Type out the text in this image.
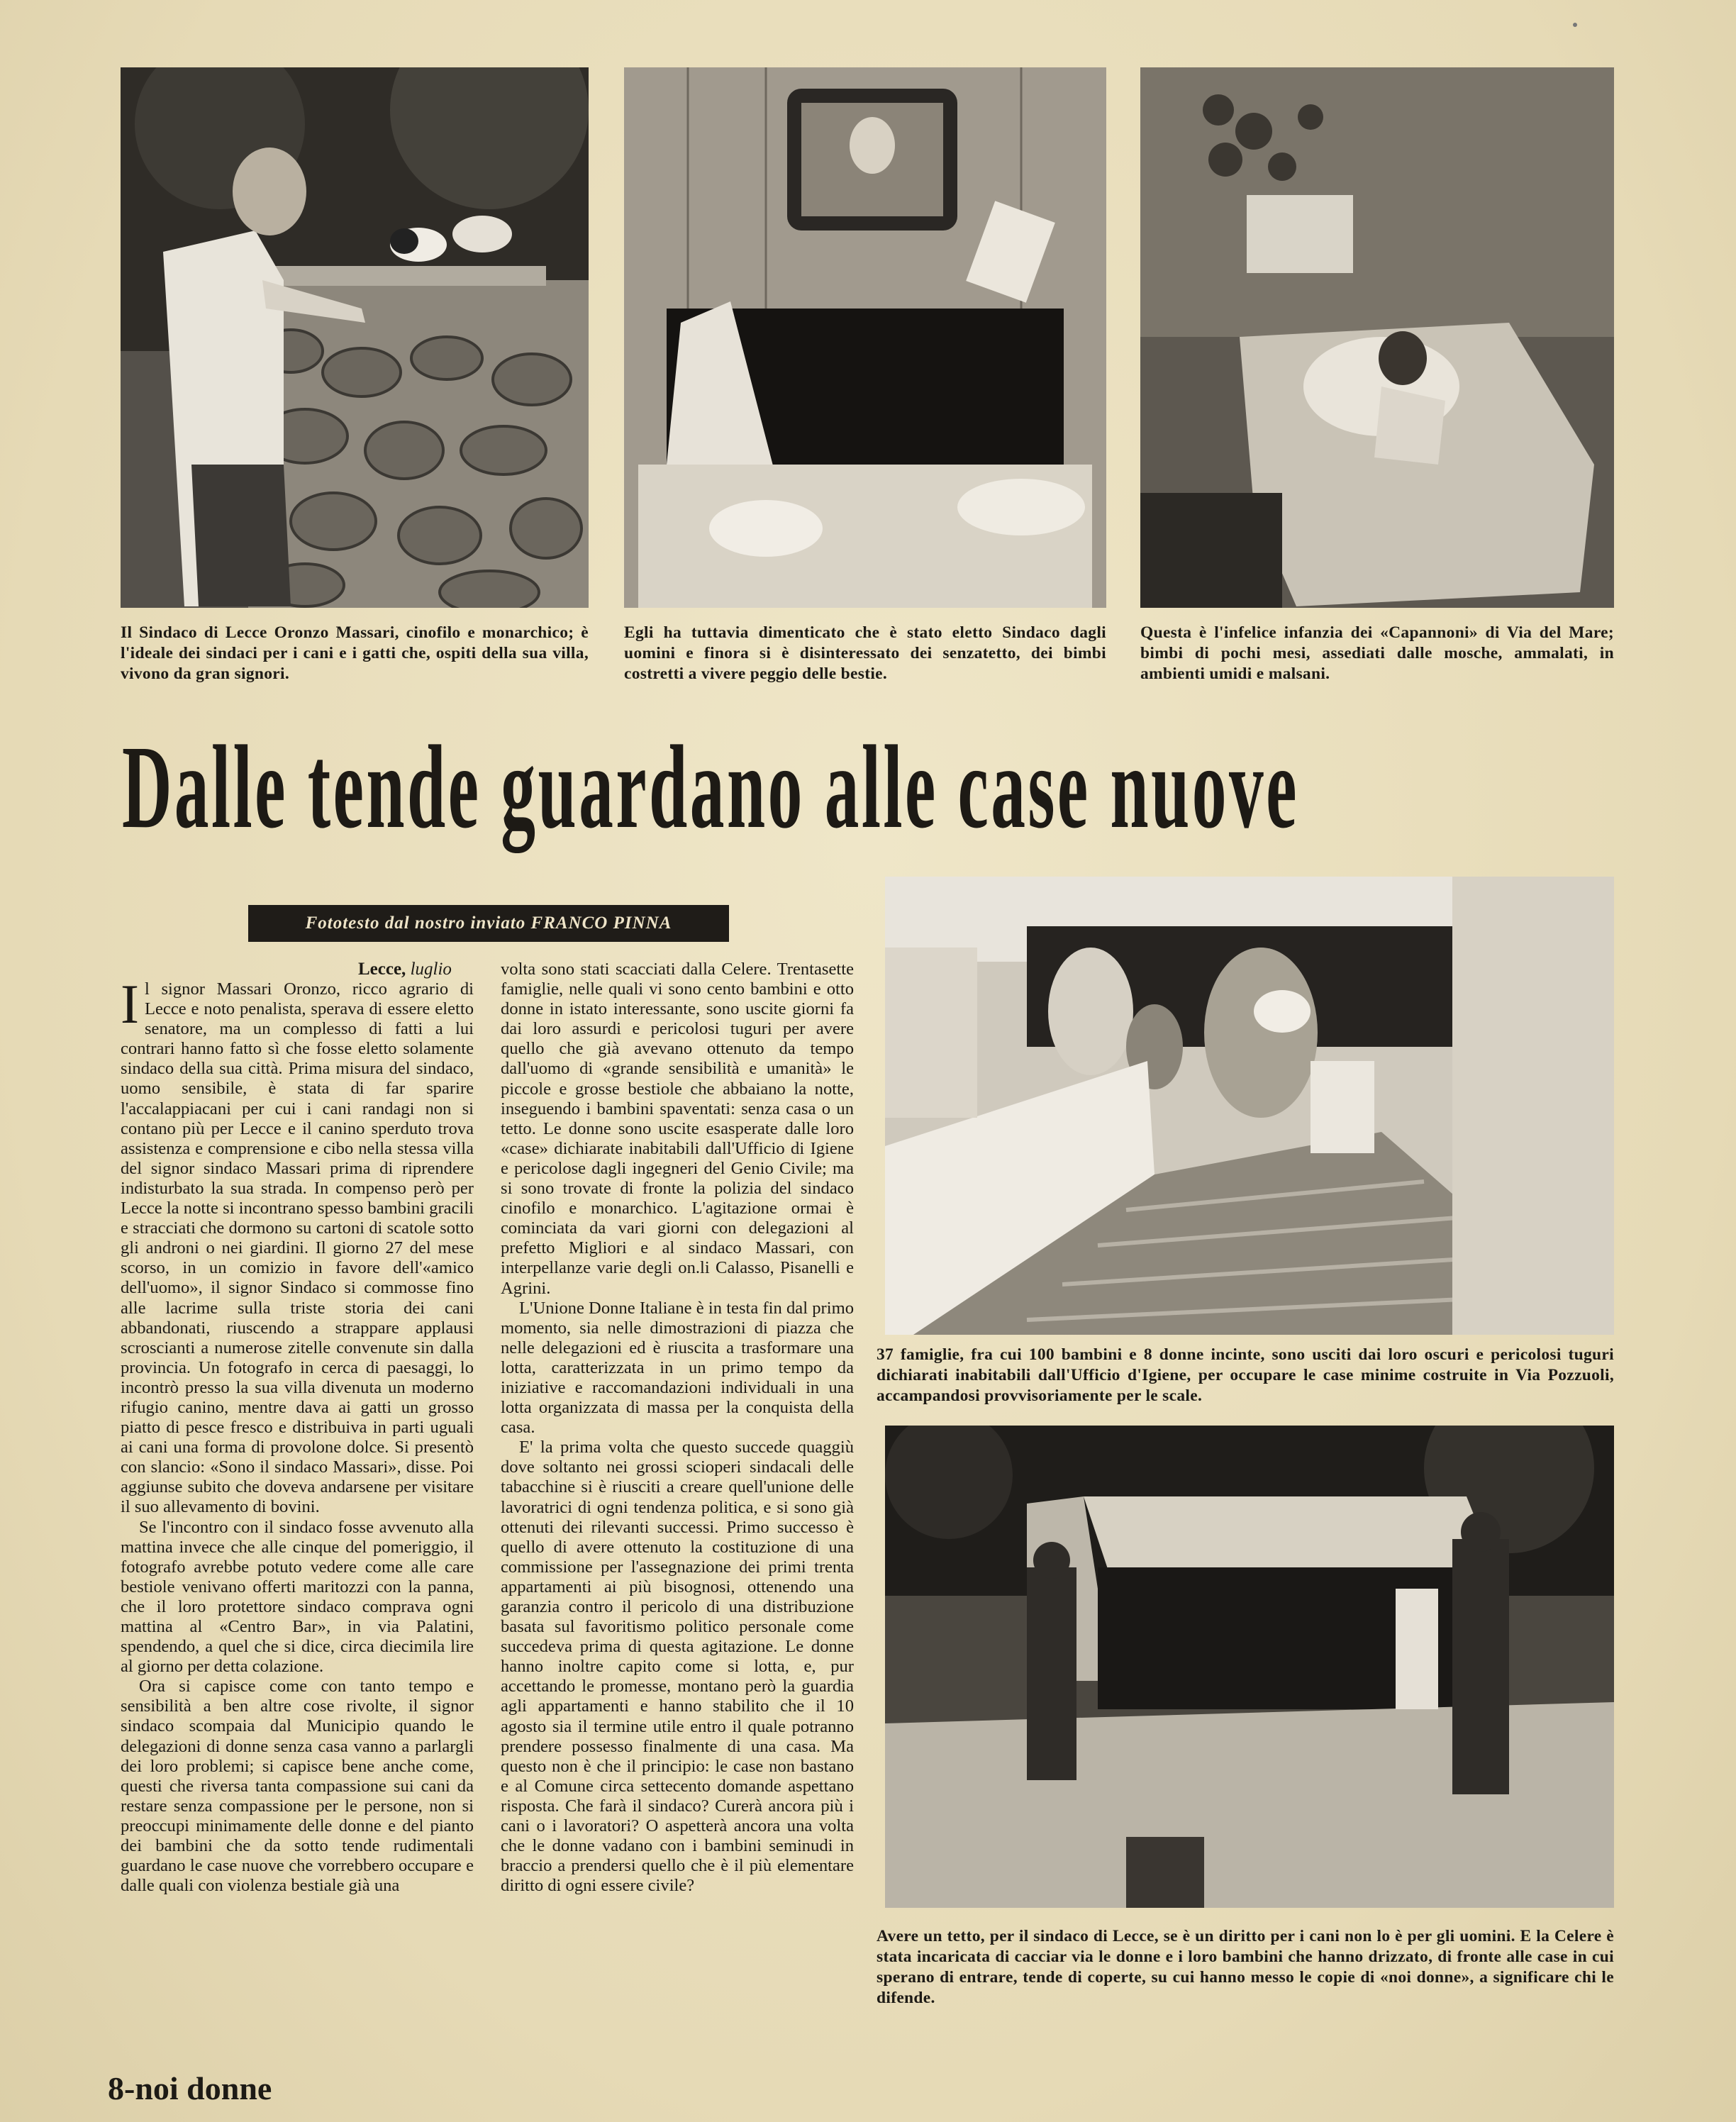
Il Sindaco di Lecce Oronzo Massari, cinofilo e monarchico; è l'ideale dei sindaci per i cani e i gatti che, ospiti della sua villa, vivono da gran signori.
Egli ha tuttavia dimenticato che è stato eletto Sindaco dagli uomini e finora si è disinteressato dei senzatetto, dei bimbi costretti a vivere peggio delle bestie.
Questa è l'infelice infanzia dei «Capannoni» di Via del Mare; bimbi di pochi mesi, assediati dalle mosche, ammalati, in ambienti umidi e malsani.
Dalle tende guardano alle case nuove
Fototesto dal nostro inviato FRANCO PINNA
37 famiglie, fra cui 100 bambini e 8 donne incinte, sono usciti dai loro oscuri e pericolosi tuguri dichiarati inabitabili dall'Ufficio d'Igiene, per occupare le case minime costruite in Via Pozzuoli, accampandosi provvisoriamente per le scale.
Avere un tetto, per il sindaco di Lecce, se è un diritto per i cani non lo è per gli uomini. E la Celere è stata incaricata di cacciar via le donne e i loro bambini che hanno drizzato, di fronte alle case in cui sperano di entrare, tende di coperte, su cui hanno messo le copie di «noi donne», a significare chi le difende.
Lecce, luglio

Il signor Massari Oronzo, ricco agrario di Lecce e noto penalista, sperava di essere eletto senatore, ma un complesso di fatti a lui contrari hanno fatto sì che fosse eletto solamente sindaco della sua città. Prima misura del sindaco, uomo sensibile, è stata di far sparire l'accalappiacani per cui i cani randagi non si contano più per Lecce e il canino sperduto trova assistenza e comprensione e cibo nella stessa villa del signor sindaco Massari prima di riprendere indisturbato la sua strada. In compenso però per Lecce la notte si incontrano spesso bambini gracili e stracciati che dormono su cartoni di scatole sotto gli androni o nei giardini. Il giorno 27 del mese scorso, in un comizio in favore dell'«amico dell'uomo», il signor Sindaco si commosse fino alle lacrime sulla triste storia dei cani abbandonati, riuscendo a strappare applausi scroscianti a numerose zitelle convenute sin dalla provincia. Un fotografo in cerca di paesaggi, lo incontrò presso la sua villa divenuta un moderno rifugio canino, mentre dava ai gatti un grosso piatto di pesce fresco e distribuiva in parti uguali ai cani una forma di provolone dolce. Si presentò con slancio: «Sono il sindaco Massari», disse. Poi aggiunse subito che doveva andarsene per visitare il suo allevamento di bovini.

Se l'incontro con il sindaco fosse avvenuto alla mattina invece che alle cinque del pomeriggio, il fotografo avrebbe potuto vedere come alle care bestiole venivano offerti maritozzi con la panna, che il loro protettore sindaco comprava ogni mattina al «Centro Bar», in via Palatini, spendendo, a quel che si dice, circa diecimila lire al giorno per detta colazione.

Ora si capisce come con tanto tempo e sensibilità a ben altre cose rivolte, il signor sindaco scompaia dal Municipio quando le delegazioni di donne senza casa vanno a parlargli dei loro problemi; si capisce bene anche come, questi che riversa tanta compassione sui cani da restare senza compassione per le persone, non si preoccupi minimamente delle donne e del pianto dei bambini che da sotto tende rudimentali guardano le case nuove che vorrebbero occupare e dalle quali con violenza bestiale già una

volta sono stati scacciati dalla Celere. Trentasette famiglie, nelle quali vi sono cento bambini e otto donne in istato interessante, sono uscite giorni fa dai loro assurdi e pericolosi tuguri per avere quello che già avevano ottenuto da tempo dall'uomo di «grande sensibilità e umanità» le piccole e grosse bestiole che abbaiano la notte, inseguendo i bambini spaventati: senza casa o un tetto. Le donne sono uscite esasperate dalle loro «case» dichiarate inabitabili dall'Ufficio di Igiene e pericolose dagli ingegneri del Genio Civile; ma si sono trovate di fronte la polizia del sindaco cinofilo e monarchico. L'agitazione ormai è cominciata da vari giorni con delegazioni al prefetto Migliori e al sindaco Massari, con interpellanze varie degli on.li Calasso, Pisanelli e Agrini.

L'Unione Donne Italiane è in testa fin dal primo momento, sia nelle dimostrazioni di piazza che nelle delegazioni ed è riuscita a trasformare una lotta, caratterizzata in un primo tempo da iniziative e raccomandazioni individuali in una lotta organizzata di massa per la conquista della casa.

E' la prima volta che questo succede quaggiù dove soltanto nei grossi scioperi sindacali delle tabacchine si è riusciti a creare quell'unione delle lavoratrici di ogni tendenza politica, e si sono già ottenuti dei rilevanti successi. Primo successo è quello di avere ottenuto la costituzione di una commissione per l'assegnazione dei primi trenta appartamenti ai più bisognosi, ottenendo una garanzia contro il pericolo di una distribuzione basata sul favoritismo politico personale come succedeva prima di questa agitazione. Le donne hanno inoltre capito come si lotta, e, pur accettando le promesse, montano però la guardia agli appartamenti e hanno stabilito che il 10 agosto sia il termine utile entro il quale potranno prendere possesso finalmente di una casa. Ma questo non è che il principio: le case non bastano e al Comune circa settecento domande aspettano risposta. Che farà il sindaco? Curerà ancora più i cani o i lavoratori? O aspetterà ancora una volta che le donne vadano con i bambini seminudi in braccio a prendersi quello che è il più elementare diritto di ogni essere civile?

8-noi donne
